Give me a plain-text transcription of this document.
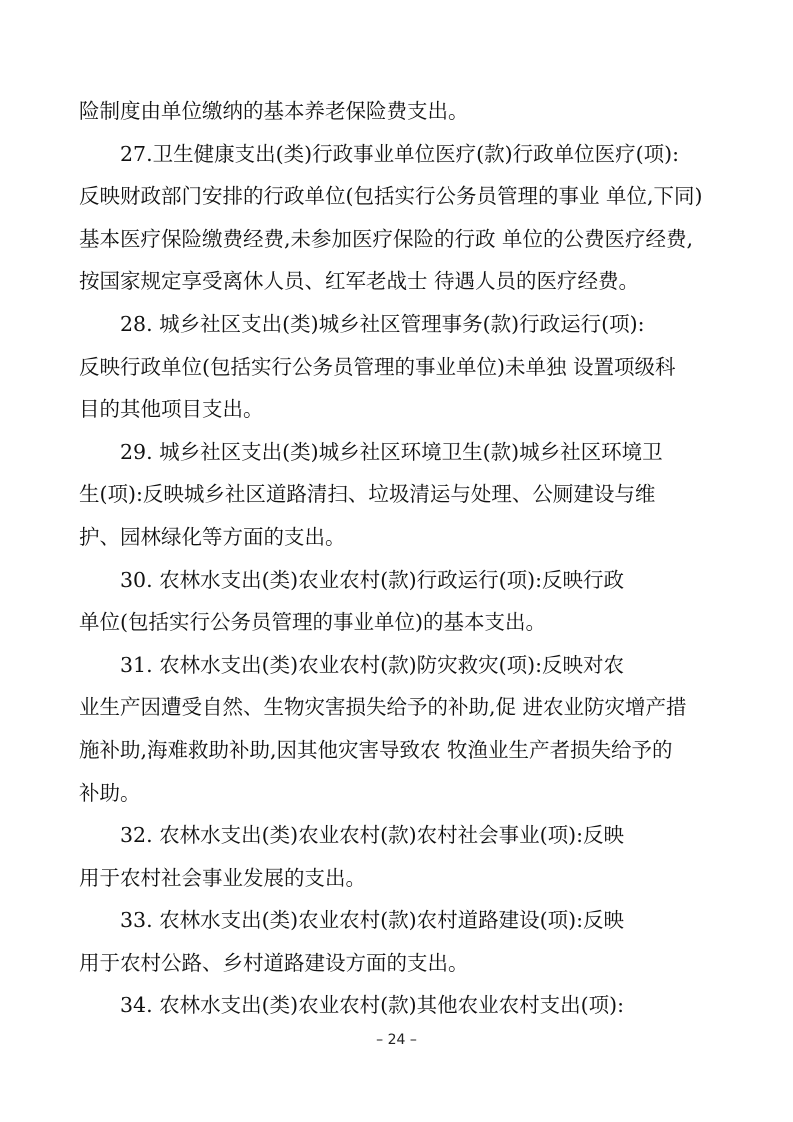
险制度由单位缴纳的基本养老保险费支出。

27.卫生健康支出(类)行政事业单位医疗(款)行政单位医疗(项):
反映财政部门安排的行政单位(包括实行公务员管理的事业 单位,下同)
基本医疗保险缴费经费,未参加医疗保险的行政 单位的公费医疗经费,
按国家规定享受离休人员、红军老战士 待遇人员的医疗经费。

28. 城乡社区支出(类)城乡社区管理事务(款)行政运行(项):
反映行政单位(包括实行公务员管理的事业单位)未单独 设置项级科
目的其他项目支出。

29. 城乡社区支出(类)城乡社区环境卫生(款)城乡社区环境卫
生(项):反映城乡社区道路清扫、垃圾清运与处理、公厕建设与维
护、园林绿化等方面的支出。

30. 农林水支出(类)农业农村(款)行政运行(项):反映行政
单位(包括实行公务员管理的事业单位)的基本支出。

31. 农林水支出(类)农业农村(款)防灾救灾(项):反映对农
业生产因遭受自然、生物灾害损失给予的补助,促 进农业防灾增产措
施补助,海难救助补助,因其他灾害导致农 牧渔业生产者损失给予的
补助。

32. 农林水支出(类)农业农村(款)农村社会事业(项):反映
用于农村社会事业发展的支出。

33. 农林水支出(类)农业农村(款)农村道路建设(项):反映
用于农村公路、乡村道路建设方面的支出。

34. 农林水支出(类)农业农村(款)其他农业农村支出(项):

– 24 –
